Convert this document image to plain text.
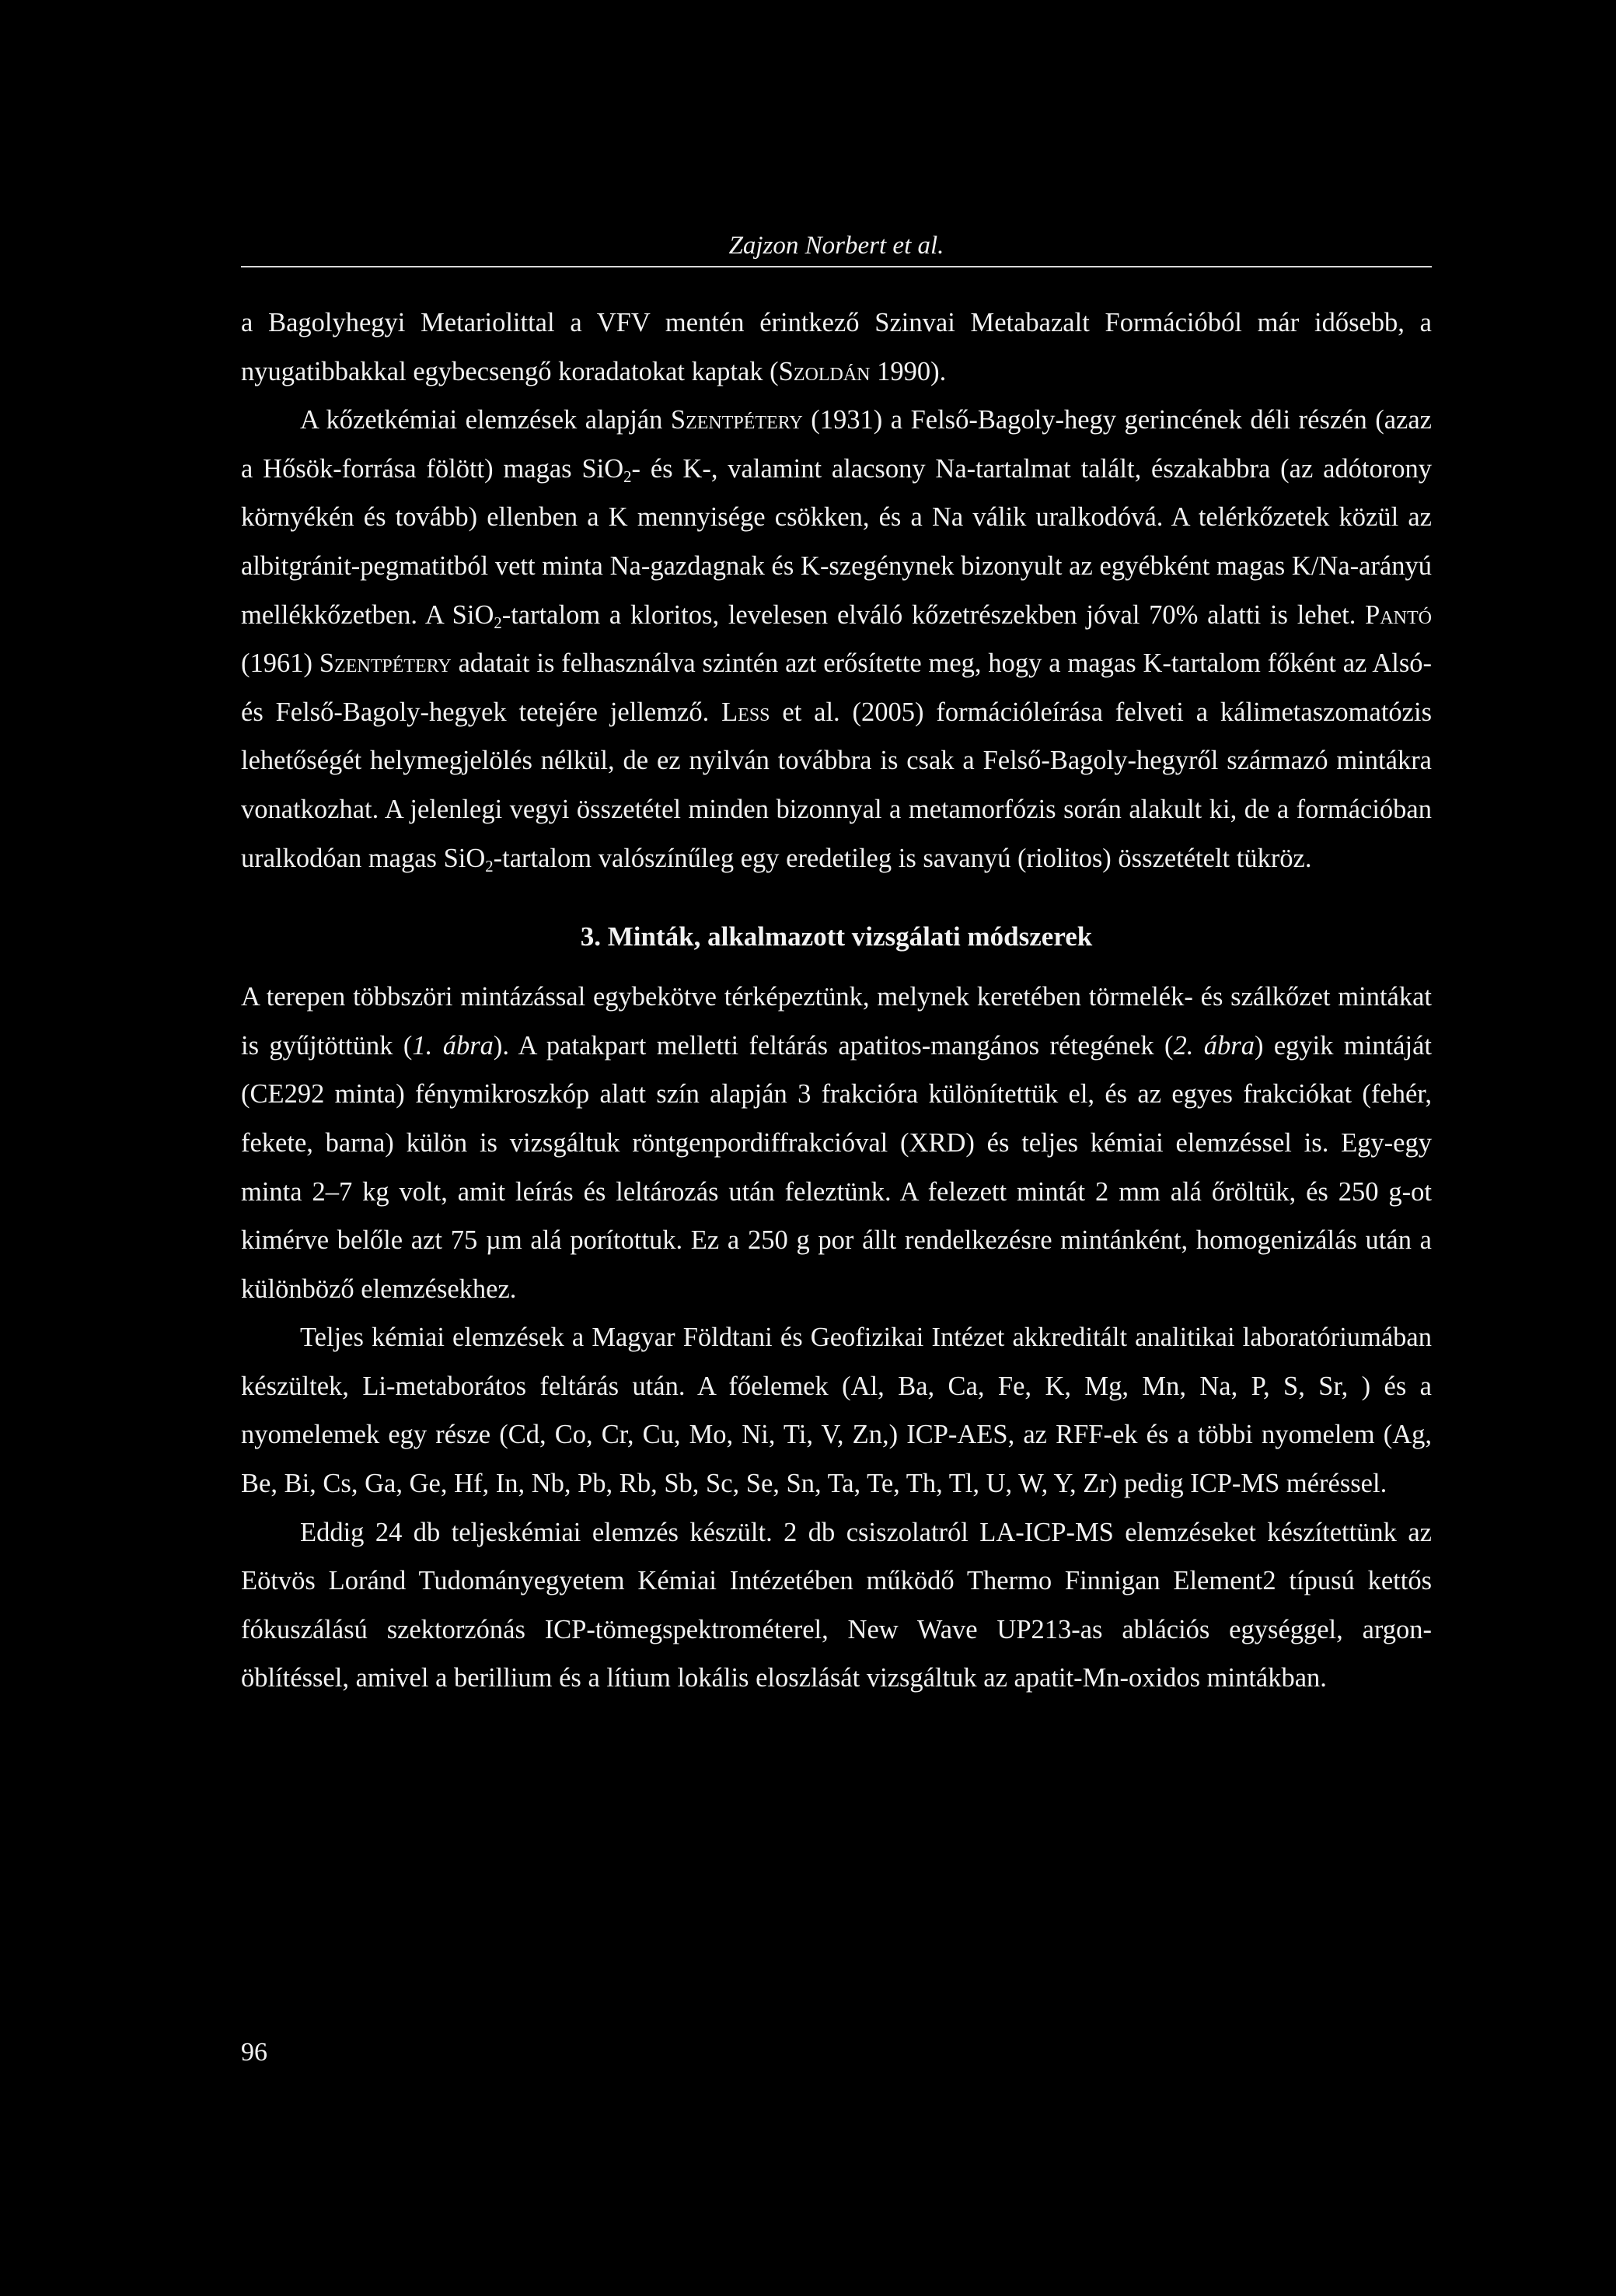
Zajzon Norbert et al.

a Bagolyhegyi Metariolittal a VFV mentén érintkező Szinvai Metabazalt Formációból már idősebb, a nyugatibbakkal egybecsengő koradatokat kaptak (Szoldán 1990).

A kőzetkémiai elemzések alapján Szentpétery (1931) a Felső-Bagoly-hegy gerincének déli részén (azaz a Hősök-forrása fölött) magas SiO$_2$- és K-, valamint alacsony Na-tartalmat talált, északabbra (az adótorony környékén és tovább) ellenben a K mennyisége csökken, és a Na válik uralkodóvá. A telérkőzetek közül az albitgránit-pegmatitból vett minta Na-gazdagnak és K-szegénynek bizonyult az egyébként magas K/Na-arányú mellékkőzetben. A SiO$_2$-tartalom a kloritos, levelesen elváló kőzetrészekben jóval 70% alatti is lehet. Pantó (1961) Szentpétery adatait is felhasználva szintén azt erősítette meg, hogy a magas K-tartalom főként az Alsó- és Felső-Bagoly-hegyek tetejére jellemző. Less et al. (2005) formációleírása felveti a kálimetaszomatózis lehetőségét helymegjelölés nélkül, de ez nyilván továbbra is csak a Felső-Bagoly-hegyről származó mintákra vonatkozhat. A jelenlegi vegyi összetétel minden bizonnyal a metamorfózis során alakult ki, de a formációban uralkodóan magas SiO$_2$-tartalom valószínűleg egy eredetileg is savanyú (riolitos) összetételt tükröz.

3. Minták, alkalmazott vizsgálati módszerek

A terepen többszöri mintázással egybekötve térképeztünk, melynek keretében törmelék- és szálkőzet mintákat is gyűjtöttünk (1. ábra). A patakpart melletti feltárás apatitos-mangános rétegének (2. ábra) egyik mintáját (CE292 minta) fénymikroszkóp alatt szín alapján 3 frakcióra különítettük el, és az egyes frakciókat (fehér, fekete, barna) külön is vizsgáltuk röntgenpordiffrakcióval (XRD) és teljes kémiai elemzéssel is. Egy-egy minta 2–7 kg volt, amit leírás és leltározás után feleztünk. A felezett mintát 2 mm alá őröltük, és 250 g-ot kimérve belőle azt 75 µm alá porítottuk. Ez a 250 g por állt rendelkezésre mintánként, homogenizálás után a különböző elemzésekhez.

Teljes kémiai elemzések a Magyar Földtani és Geofizikai Intézet akkreditált analitikai laboratóriumában készültek, Li-metaborátos feltárás után. A főelemek (Al, Ba, Ca, Fe, K, Mg, Mn, Na, P, S, Sr, ) és a nyomelemek egy része (Cd, Co, Cr, Cu, Mo, Ni, Ti, V, Zn,) ICP-AES, az RFF-ek és a többi nyomelem (Ag, Be, Bi, Cs, Ga, Ge, Hf, In, Nb, Pb, Rb, Sb, Sc, Se, Sn, Ta, Te, Th, Tl, U, W, Y, Zr) pedig ICP-MS méréssel.

Eddig 24 db teljeskémiai elemzés készült. 2 db csiszolatról LA-ICP-MS elemzéseket készítettünk az Eötvös Loránd Tudományegyetem Kémiai Intézetében működő Thermo Finnigan Element2 típusú kettős fókuszálású szektorzónás ICP-tömegspektrométerel, New Wave UP213-as ablációs egységgel, argon-öblítéssel, amivel a berillium és a lítium lokális eloszlását vizsgáltuk az apatit-Mn-oxidos mintákban.

96
